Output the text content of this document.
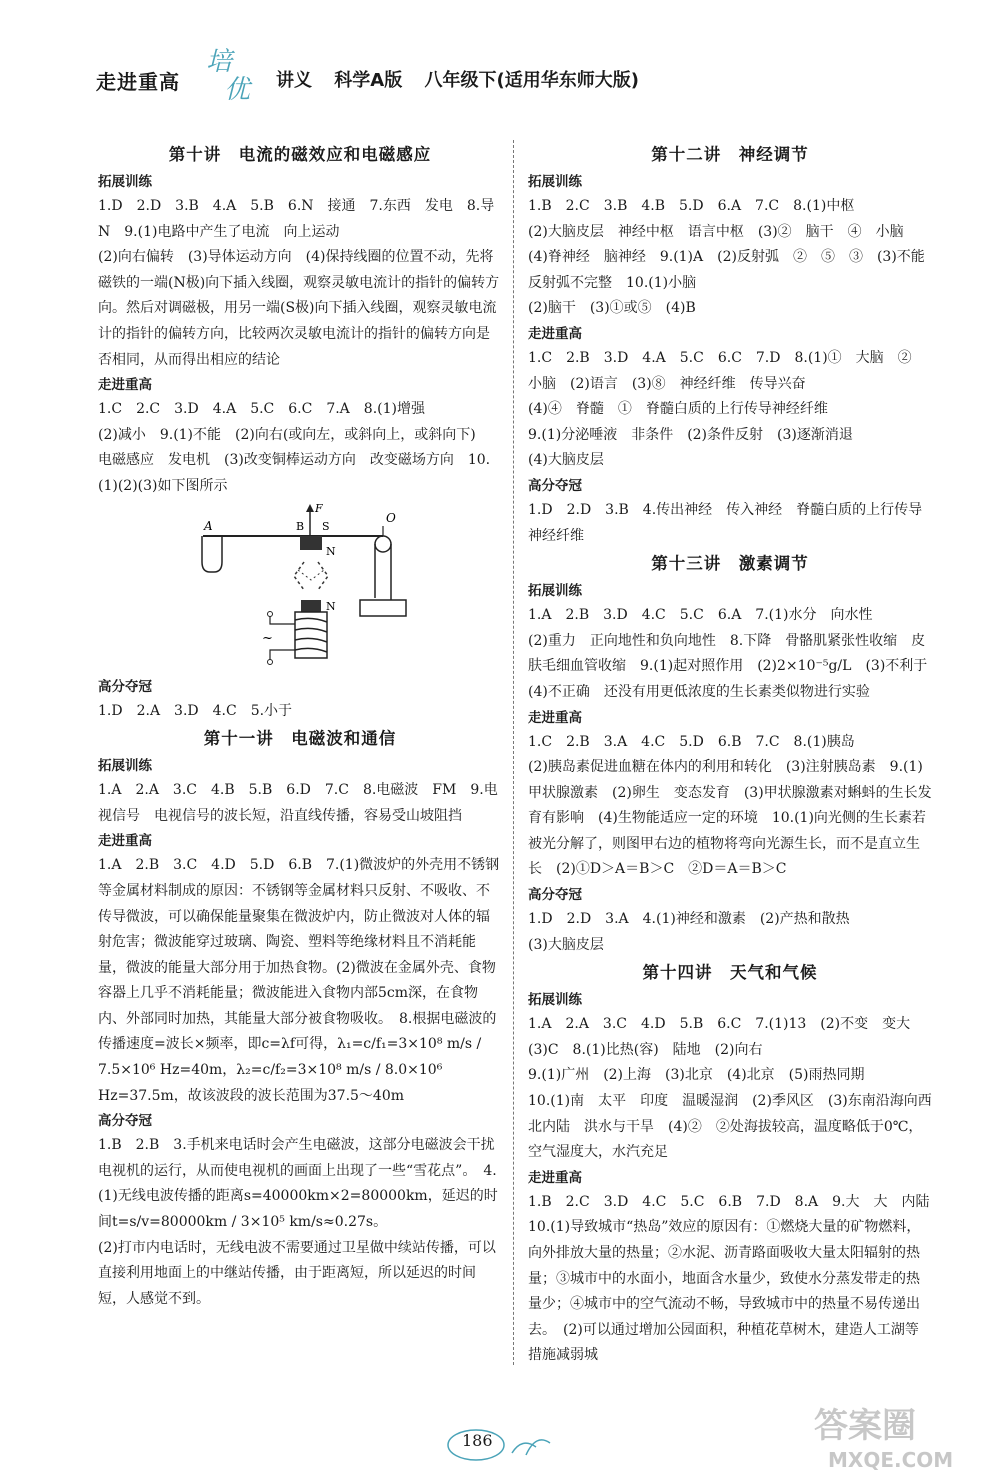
走进重高
培
优 讲义 科学A版 八年级下(适用华东师大版)
第十讲　电流的磁效应和电磁感应
拓展训练
1.D　2.D　3.B　4.A　5.B　6.N　接通　7.东西　发电　8.导　N　9.(1)电路中产生了电流　向上运动
(2)向右偏转　(3)导体运动方向　(4)保持线圈的位置不动，先将磁铁的一端(N极)向下插入线圈，观察灵敏电流计的指针的偏转方向。然后对调磁极，用另一端(S极)向下插入线圈，观察灵敏电流计的指针的偏转方向，比较两次灵敏电流计的指针的偏转方向是否相同，从而得出相应的结论
走进重高
1.C　2.C　3.D　4.A　5.C　6.C　7.A　8.(1)增强
(2)减小　9.(1)不能　(2)向右(或向左，或斜向上，或斜向下)　电磁感应　发电机　(3)改变铜棒运动方向　改变磁场方向　10.(1)(2)(3)如下图所示
A
F
B S
N
N
~
O
高分夺冠
1.D　2.A　3.D　4.C　5.小于
第十一讲　电磁波和通信
拓展训练
1.A　2.A　3.C　4.B　5.B　6.D　7.C　8.电磁波　FM　9.电视信号　电视信号的波长短，沿直线传播，容易受山坡阻挡
走进重高
1.A　2.B　3.C　4.D　5.D　6.B　7.(1)微波炉的外壳用不锈钢等金属材料制成的原因：不锈钢等金属材料只反射、不吸收、不传导微波，可以确保能量聚集在微波炉内，防止微波对人体的辐射危害；微波能穿过玻璃、陶瓷、塑料等绝缘材料且不消耗能量，微波的能量大部分用于加热食物。(2)微波在金属外壳、食物容器上几乎不消耗能量；微波能进入食物内部5cm深，在食物内、外部同时加热，其能量大部分被食物吸收。　8.根据电磁波的传播速度=波长×频率，即c=λf可得，λ₁=c/f₁=3×10⁸ m/s / 7.5×10⁶ Hz=40m，λ₂=c/f₂=3×10⁸ m/s / 8.0×10⁶ Hz=37.5m，故该波段的波长范围为37.5～40m
高分夺冠
1.B　2.B　3.手机来电话时会产生电磁波，这部分电磁波会干扰电视机的运行，从而使电视机的画面上出现了一些“雪花点”。　4.(1)无线电波传播的距离s=40000km×2=80000km，延迟的时间t=s/v=80000km / 3×10⁵ km/s≈0.27s。
(2)打市内电话时，无线电波不需要通过卫星做中续站传播，可以直接利用地面上的中继站传播，由于距离短，所以延迟的时间短，人感觉不到。
第十二讲　神经调节
拓展训练
1.B　2.C　3.B　4.B　5.D　6.A　7.C　8.(1)中枢
(2)大脑皮层　神经中枢　语言中枢　(3)②　脑干　④　小脑　(4)脊神经　脑神经　9.(1)A　(2)反射弧　②　⑤　③　(3)不能　反射弧不完整　10.(1)小脑
(2)脑干　(3)①或⑤　(4)B
走进重高
1.C　2.B　3.D　4.A　5.C　6.C　7.D　8.(1)①　大脑　②　小脑　(2)语言　(3)⑧　神经纤维　传导兴奋
(4)④　脊髓　①　脊髓白质的上行传导神经纤维
9.(1)分泌唾液　非条件　(2)条件反射　(3)逐渐消退
(4)大脑皮层
高分夺冠
1.D　2.D　3.B　4.传出神经　传入神经　脊髓白质的上行传导神经纤维
第十三讲　激素调节
拓展训练
1.A　2.B　3.D　4.C　5.C　6.A　7.(1)水分　向水性
(2)重力　正向地性和负向地性　8.下降　骨骼肌紧张性收缩　皮肤毛细血管收缩　9.(1)起对照作用　(2)2×10⁻⁵g/L　(3)不利于　(4)不正确　还没有用更低浓度的生长素类似物进行实验
走进重高
1.C　2.B　3.A　4.C　5.D　6.B　7.C　8.(1)胰岛
(2)胰岛素促进血糖在体内的利用和转化　(3)注射胰岛素　9.(1)甲状腺激素　(2)卵生　变态发育　(3)甲状腺激素对蝌蚪的生长发育有影响　(4)生物能适应一定的环境　10.(1)向光侧的生长素若被光分解了，则图甲右边的植物将弯向光源生长，而不是直立生长　(2)①D＞A＝B＞C　②D＝A＝B＞C
高分夺冠
1.D　2.D　3.A　4.(1)神经和激素　(2)产热和散热
(3)大脑皮层
第十四讲　天气和气候
拓展训练
1.A　2.A　3.C　4.D　5.B　6.C　7.(1)13　(2)不变　变大　(3)C　8.(1)比热(容)　陆地　(2)向右
9.(1)广州　(2)上海　(3)北京　(4)北京　(5)雨热同期
10.(1)南　太平　印度　温暖湿润　(2)季风区　(3)东南沿海向西北内陆　洪水与干旱　(4)②　②处海拔较高，温度略低于0℃，空气湿度大，水汽充足
走进重高
1.B　2.C　3.D　4.C　5.C　6.B　7.D　8.A　9.大　大　内陆　10.(1)导致城市“热岛”效应的原因有：①燃烧大量的矿物燃料，向外排放大量的热量；②水泥、沥青路面吸收大量太阳辐射的热量；③城市中的水面小，地面含水量少，致使水分蒸发带走的热量少；④城市中的空气流动不畅，导致城市中的热量不易传递出去。　(2)可以通过增加公园面积，种植花草树木，建造人工湖等措施减弱城
186	答案圈
MXQE.COM
